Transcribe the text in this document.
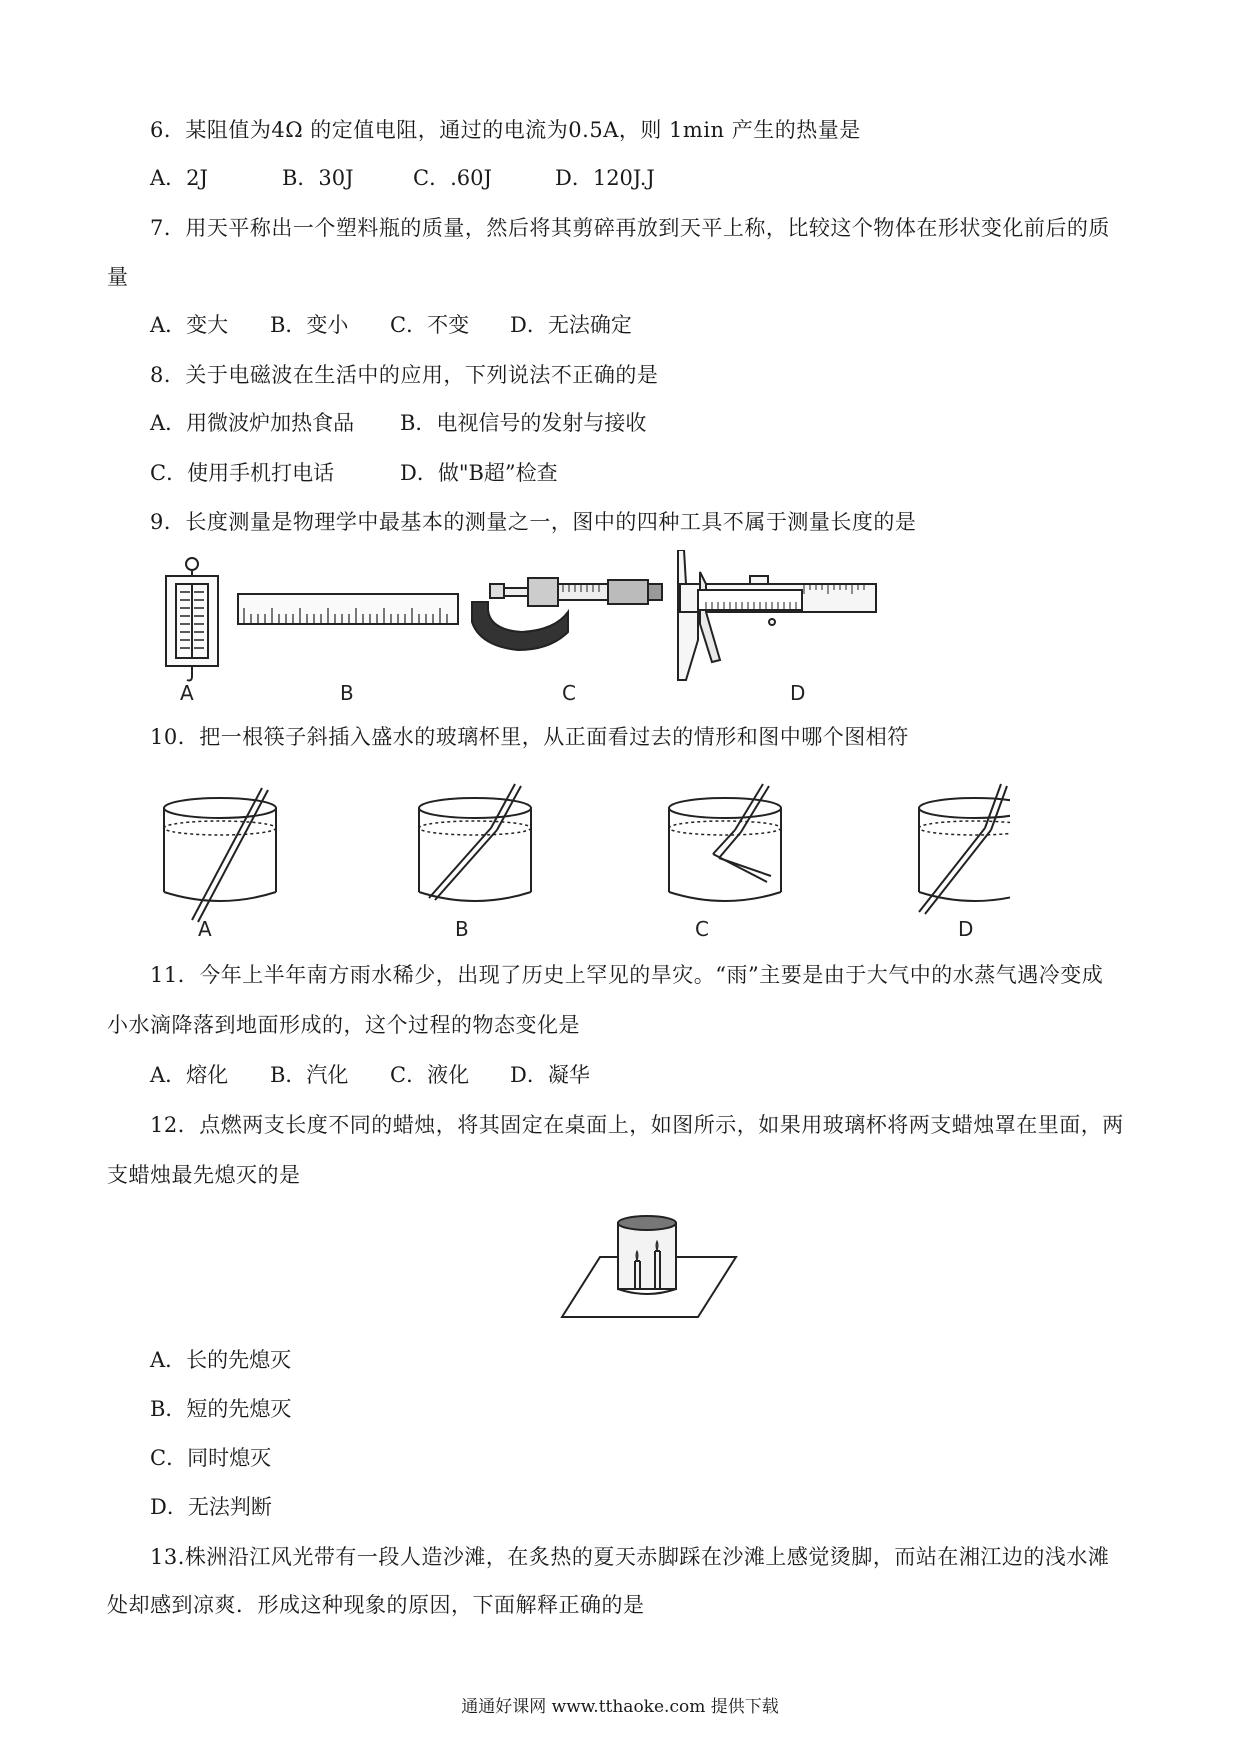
6．某阻值为4Ω 的定值电阻，通过的电流为0.5A，则 1min 产生的热量是
A．2J	B．30J	C．.60J	D．120J.J
7．用天平称出一个塑料瓶的质量，然后将其剪碎再放到天平上称，比较这个物体在形状变化前后的质
量
A．变大 B．变小 C．不变 D．无法确定
8．关于电磁波在生活中的应用，下列说法不正确的是
A．用微波炉加热食品 B．电视信号的发射与接收
C．使用手机打电话	D．做"B超”检查
9．长度测量是物理学中最基本的测量之一，图中的四种工具不属于测量长度的是
A	B	C	D
10．把一根筷子斜插入盛水的玻璃杯里，从正面看过去的情形和图中哪个图相符
A	B	C	D
11．今年上半年南方雨水稀少，出现了历史上罕见的旱灾。“雨”主要是由于大气中的水蒸气遇冷变成
小水滴降落到地面形成的，这个过程的物态变化是
A．熔化 B．汽化 C．液化 D．凝华
12．点燃两支长度不同的蜡烛，将其固定在桌面上，如图所示，如果用玻璃杯将两支蜡烛罩在里面，两
支蜡烛最先熄灭的是
A．长的先熄灭
B．短的先熄灭
C．同时熄灭
D．无法判断
13.株洲沿江风光带有一段人造沙滩，在炙热的夏天赤脚踩在沙滩上感觉烫脚，而站在湘江边的浅水滩
处却感到凉爽．形成这种现象的原因，下面解释正确的是
通通好课网 www.tthaoke.com 提供下载
